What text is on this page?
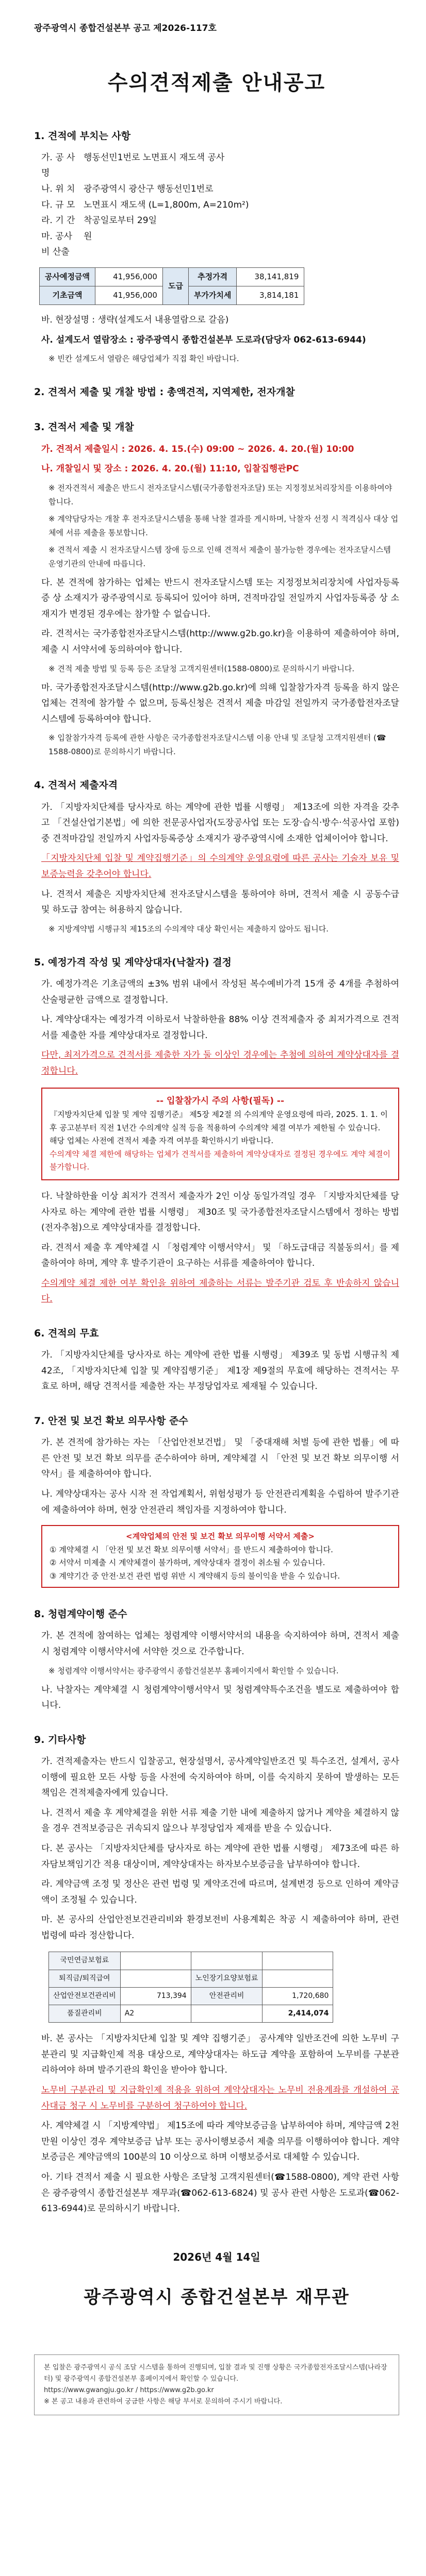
광주광역시 종합건설본부 공고 제2026-117호
수의견적제출 안내공고
1. 견적에 부치는 사항
가. 공 사 명
행동선민1번로 노면표시 재도색 공사
나. 위 치 광주광역시 광산구 행동선민1번로
다. 규 모 노면표시 재도색 (L=1,800m, A=210m²)
라. 기 간 착공일로부터 29일
마. 공사 비 산출
원
공사예정금액	41,956,000	도급	추정가격	38,141,819
기초금액	41,956,000		부가가치세	3,814,181
바. 현장설명 : 생략(설계도서 내용열람으로 갈음)
사. 설계도서 열람장소 : 광주광역시 종합건설본부 도로과(담당자 062-613-6944)
※ 빈칸 설계도서 열람은 해당업체가 직접 확인 바랍니다.
2. 견적서 제출 및 개찰 방법 : 총액견적, 지역제한, 전자개찰
3. 견적서 제출 및 개찰
가. 견적서 제출일시 : 2026. 4. 15.(수) 09:00 ~ 2026. 4. 20.(월) 10:00
나. 개찰일시 및 장소 : 2026. 4. 20.(월) 11:10, 입찰집행관PC
※ 전자견적서 제출은 반드시 전자조달시스템(국가종합전자조달) 또는 지정정보처리장치를 이용하여야 합니다.
※ 계약담당자는 개찰 후 전자조달시스템을 통해 낙찰 결과를 게시하며, 낙찰자 선정 시 적격심사 대상 업체에 서류 제출을 통보합니다.
※ 견적서 제출 시 전자조달시스템 장애 등으로 인해 견적서 제출이 불가능한 경우에는 전자조달시스템 운영기관의 안내에 따릅니다.
다. 본 견적에 참가하는 업체는 반드시 전자조달시스템 또는 지정정보처리장치에 사업자등록증 상 소재지가 광주광역시로 등록되어 있어야 하며, 견적마감일 전일까지 사업자등록증 상 소재지가 변경된 경우에는 참가할 수 없습니다.
라. 견적서는 국가종합전자조달시스템(http://www.g2b.go.kr)을 이용하여 제출하여야 하며, 제출 시 서약서에 동의하여야 합니다.
※ 견적 제출 방법 및 등록 등은 조달청 고객지원센터(1588-0800)로 문의하시기 바랍니다.
마. 국가종합전자조달시스템(http://www.g2b.go.kr)에 의해 입찰참가자격 등록을 하지 않은 업체는 견적에 참가할 수 없으며, 등록신청은 견적서 제출 마감일 전일까지 국가종합전자조달시스템에 등록하여야 합니다.
※ 입찰참가자격 등록에 관한 사항은 국가종합전자조달시스템 이용 안내 및 조달청 고객지원센터 (☎ 1588-0800)로 문의하시기 바랍니다.
4. 견적서 제출자격
가. 「지방자치단체를 당사자로 하는 계약에 관한 법률 시행령」 제13조에 의한 자격을 갖추고 「건설산업기본법」에 의한 전문공사업자(도장공사업 또는 도장·습식·방수·석공사업 포함) 중 견적마감일 전일까지 사업자등록증상 소재지가 광주광역시에 소재한 업체이어야 합니다.
「지방자치단체 입찰 및 계약집행기준」의 수의계약 운영요령에 따른 공사는 기술자 보유 및 보증능력을 갖추어야 합니다.
나. 견적서 제출은 지방자치단체 전자조달시스템을 통하여야 하며, 견적서 제출 시 공동수급 및 하도급 참여는 허용하지 않습니다.
※ 지방계약법 시행규칙 제15조의 수의계약 대상 확인서는 제출하지 않아도 됩니다.
5. 예정가격 작성 및 계약상대자(낙찰자) 결정
가. 예정가격은 기초금액의 ±3% 범위 내에서 작성된 복수예비가격 15개 중 4개를 추첨하여 산술평균한 금액으로 결정합니다.
나. 계약상대자는 예정가격 이하로서 낙찰하한율 88% 이상 견적제출자 중 최저가격으로 견적서를 제출한 자를 계약상대자로 결정합니다.
다만, 최저가격으로 견적서를 제출한 자가 둘 이상인 경우에는 추첨에 의하여 계약상대자를 결정합니다.
-- 입찰참가시 주의 사항(필독) --
『지방자치단체 입찰 및 계약 집행기준』 제5장 제2절 의 수의계약 운영요령에 따라, 2025. 1. 1. 이후 공고분부터 직전 1년간 수의계약 실적 등을 적용하여 수의계약 체결 여부가 제한될 수 있습니다.
해당 업체는 사전에 견적서 제출 자격 여부를 확인하시기 바랍니다.
수의계약 체결 제한에 해당하는 업체가 견적서를 제출하여 계약상대자로 결정된 경우에도 계약 체결이 불가합니다.
다. 낙찰하한율 이상 최저가 견적서 제출자가 2인 이상 동일가격일 경우 「지방자치단체를 당사자로 하는 계약에 관한 법률 시행령」 제30조 및 국가종합전자조달시스템에서 정하는 방법(전자추첨)으로 계약상대자를 결정합니다.
라. 견적서 제출 후 계약체결 시 「청렴계약 이행서약서」 및 「하도급대금 직불동의서」를 제출하여야 하며, 계약 후 발주기관이 요구하는 서류를 제출하여야 합니다.
수의계약 체결 제한 여부 확인을 위하여 제출하는 서류는 발주기관 검토 후 반송하지 않습니다.
6. 견적의 무효
가. 「지방자치단체를 당사자로 하는 계약에 관한 법률 시행령」 제39조 및 동법 시행규칙 제42조, 「지방자치단체 입찰 및 계약집행기준」 제1장 제9절의 무효에 해당하는 견적서는 무효로 하며, 해당 견적서를 제출한 자는 부정당업자로 제재될 수 있습니다.
7. 안전 및 보건 확보 의무사항 준수
가. 본 견적에 참가하는 자는 「산업안전보건법」 및 「중대재해 처벌 등에 관한 법률」에 따른 안전 및 보건 확보 의무를 준수하여야 하며, 계약체결 시 「안전 및 보건 확보 의무이행 서약서」를 제출하여야 합니다.
나. 계약상대자는 공사 시작 전 작업계획서, 위험성평가 등 안전관리계획을 수립하여 발주기관에 제출하여야 하며, 현장 안전관리 책임자를 지정하여야 합니다.
<계약업체의 안전 및 보건 확보 의무이행 서약서 제출>
① 계약체결 시 「안전 및 보건 확보 의무이행 서약서」를 반드시 제출하여야 합니다.
② 서약서 미제출 시 계약체결이 불가하며, 계약상대자 결정이 취소될 수 있습니다.
③ 계약기간 중 안전·보건 관련 법령 위반 시 계약해지 등의 불이익을 받을 수 있습니다.
8. 청렴계약이행 준수
가. 본 견적에 참여하는 업체는 청렴계약 이행서약서의 내용을 숙지하여야 하며, 견적서 제출 시 청렴계약 이행서약서에 서약한 것으로 간주합니다.
※ 청렴계약 이행서약서는 광주광역시 종합건설본부 홈페이지에서 확인할 수 있습니다.
나. 낙찰자는 계약체결 시 청렴계약이행서약서 및 청렴계약특수조건을 별도로 제출하여야 합니다.
9. 기타사항
가. 견적제출자는 반드시 입찰공고, 현장설명서, 공사계약일반조건 및 특수조건, 설계서, 공사 이행에 필요한 모든 사항 등을 사전에 숙지하여야 하며, 이를 숙지하지 못하여 발생하는 모든 책임은 견적제출자에게 있습니다.
나. 견적서 제출 후 계약체결을 위한 서류 제출 기한 내에 제출하지 않거나 계약을 체결하지 않을 경우 견적보증금은 귀속되지 않으나 부정당업자 제재를 받을 수 있습니다.
다. 본 공사는 「지방자치단체를 당사자로 하는 계약에 관한 법률 시행령」 제73조에 따른 하자담보책임기간 적용 대상이며, 계약상대자는 하자보수보증금을 납부하여야 합니다.
라. 계약금액 조정 및 정산은 관련 법령 및 계약조건에 따르며, 설계변경 등으로 인하여 계약금액이 조정될 수 있습니다.
마. 본 공사의 산업안전보건관리비와 환경보전비 사용계획은 착공 시 제출하여야 하며, 관련 법령에 따라 정산합니다.
국민연금보험료			
퇴직금/퇴직급여		노인장기요양보험료	
산업안전보건관리비	713,394	안전관리비	1,720,680
품질관리비	A2		2,414,074
바. 본 공사는 「지방자치단체 입찰 및 계약 집행기준」 공사계약 일반조건에 의한 노무비 구분관리 및 지급확인제 적용 대상으로, 계약상대자는 하도급 계약을 포함하여 노무비를 구분관리하여야 하며 발주기관의 확인을 받아야 합니다.
노무비 구분관리 및 지급확인제 적용을 위하여 계약상대자는 노무비 전용계좌를 개설하여 공사대금 청구 시 노무비를 구분하여 청구하여야 합니다.
사. 계약체결 시 「지방계약법」 제15조에 따라 계약보증금을 납부하여야 하며, 계약금액 2천만원 이상인 경우 계약보증금 납부 또는 공사이행보증서 제출 의무를 이행하여야 합니다. 계약보증금은 계약금액의 100분의 10 이상으로 하며 이행보증서로 대체할 수 있습니다.
아. 기타 견적서 제출 시 필요한 사항은 조달청 고객지원센터(☎1588-0800), 계약 관련 사항은 광주광역시 종합건설본부 재무과(☎062-613-6824) 및 공사 관련 사항은 도로과(☎062-613-6944)로 문의하시기 바랍니다.
2026년 4월 14일
광주광역시 종합건설본부 재무관
본 입찰은 광주광역시 공식 조달 시스템을 통하여 진행되며, 입찰 결과 및 진행 상황은 국가종합전자조달시스템(나라장터) 및 광주광역시 종합건설본부 홈페이지에서 확인할 수 있습니다.
https://www.gwangju.go.kr / https://www.g2b.go.kr
※ 본 공고 내용과 관련하여 궁금한 사항은 해당 부서로 문의하여 주시기 바랍니다.
